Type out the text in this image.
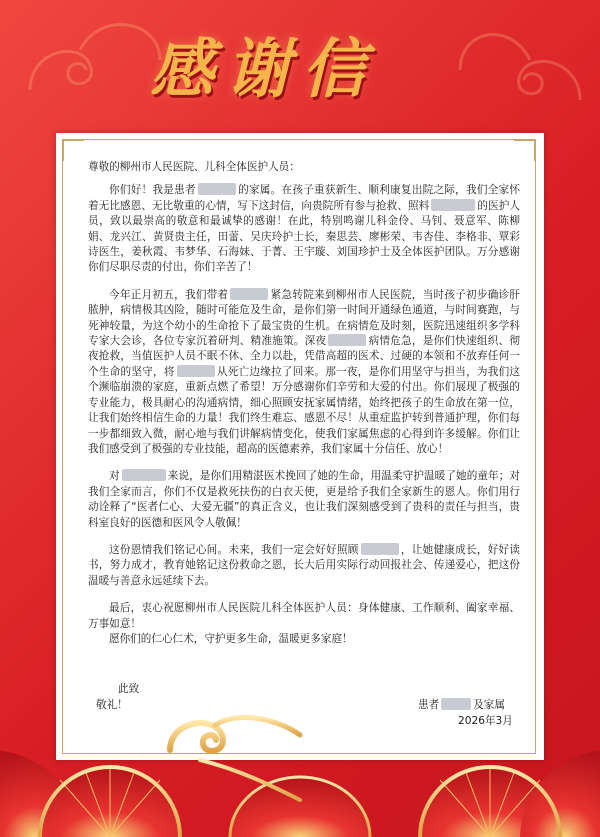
感谢信

尊敬的柳州市人民医院、儿科全体医护人员：

你们好！我是患者	的家属。在孩子重获新生、顺利康复出院之际，我们全家怀着无比感恩、无比敬重的心情，写下这封信，向贵院所有参与抢救、照料	的医护人员，致以最崇高的敬意和最诚挚的感谢！在此，特别鸣谢儿科金伶、马钊、聂意军、陈柳娟、龙兴江、黄贤贵主任，田蕾、吴庆玲护士长，秦思芸、廖彬荣、韦杏佳、李格非、覃彩诗医生，姜秋霞、韦梦华、石海妹、于菁、王宇璇、刘国珍护士及全体医护团队。万分感谢你们尽职尽责的付出，你们辛苦了！

今年正月初五，我们带着	紧急转院来到柳州市人民医院，当时孩子初步确诊肝脓肿，病情极其凶险，随时可能危及生命，是你们第一时间开通绿色通道，与时间赛跑，与死神较量，为这个幼小的生命抢下了最宝贵的生机。在病情危及时刻，医院迅速组织多学科专家大会诊，各位专家沉着研判、精准施策。深夜	病情危急，是你们快速组织、彻夜抢救，当值医护人员不眠不休、全力以赴，凭借高超的医术、过硬的本领和不放弃任何一个生命的坚守，将	从死亡边缘拉了回来。那一夜，是你们用坚守与担当，为我们这个濒临崩溃的家庭，重新点燃了希望！万分感谢你们辛劳和大爱的付出。你们展现了极强的专业能力，极具耐心的沟通病情，细心照顾安抚家属情绪，始终把孩子的生命放在第一位，让我们始终相信生命的力量！我们终生难忘、感恩不尽！从重症监护转到普通护理，你们每一步都细致入微，耐心地与我们讲解病情变化，使我们家属焦虑的心得到许多缓解。你们让我们感受到了极强的专业技能，超高的医德素养，我们家属十分信任、放心！

对	来说，是你们用精湛医术挽回了她的生命，用温柔守护温暖了她的童年；对我们全家而言，你们不仅是救死扶伤的白衣天使，更是给予我们全家新生的恩人。你们用行动诠释了“医者仁心、大爱无疆”的真正含义，也让我们深刻感受到了贵科的责任与担当，贵科室良好的医德和医风令人敬佩！

这份恩情我们铭记心间。未来，我们一定会好好照顾	，让她健康成长，好好读书，努力成才，教育她铭记这份救命之恩，长大后用实际行动回报社会、传递爱心，把这份温暖与善意永远延续下去。

最后，衷心祝愿柳州市人民医院儿科全体医护人员：身体健康、工作顺利、阖家幸福、万事如意！

愿你们的仁心仁术，守护更多生命，温暖更多家庭！

此致
敬礼！	患者	及家属
2026年3月
